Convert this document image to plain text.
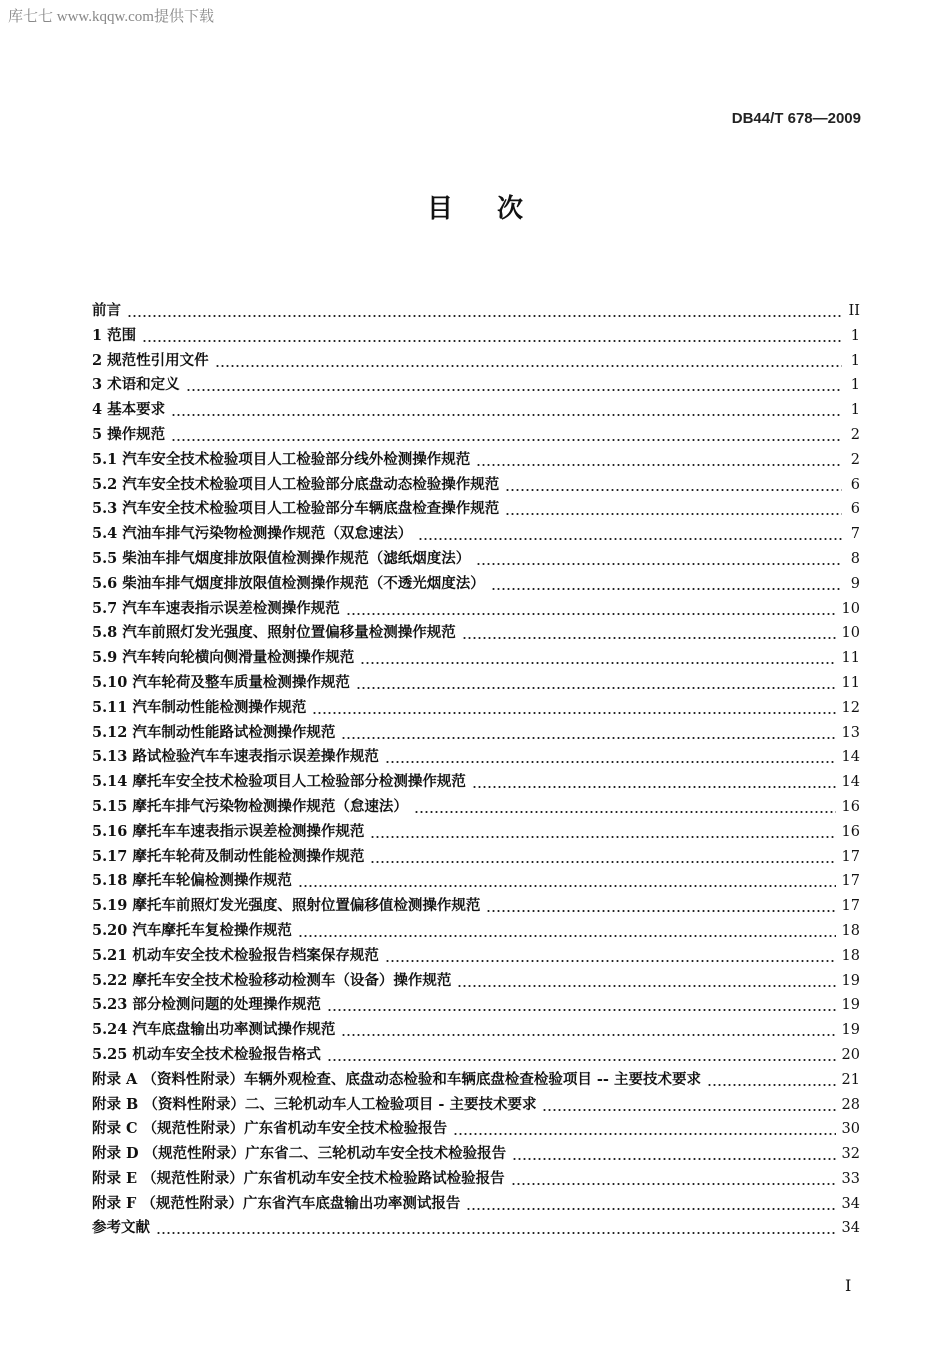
库七七 www.kqqw.com提供下载
DB44/T 678—2009
目次
前言	II
1 范围	1
2 规范性引用文件	1
3 术语和定义	1
4 基本要求	1
5 操作规范	2
5.1 汽车安全技术检验项目人工检验部分线外检测操作规范	2
5.2 汽车安全技术检验项目人工检验部分底盘动态检验操作规范	6
5.3 汽车安全技术检验项目人工检验部分车辆底盘检查操作规范	6
5.4 汽油车排气污染物检测操作规范（双怠速法）	7
5.5 柴油车排气烟度排放限值检测操作规范（滤纸烟度法）	8
5.6 柴油车排气烟度排放限值检测操作规范（不透光烟度法）	9
5.7 汽车车速表指示误差检测操作规范	10
5.8 汽车前照灯发光强度、照射位置偏移量检测操作规范	10
5.9 汽车转向轮横向侧滑量检测操作规范	11
5.10 汽车轮荷及整车质量检测操作规范	11
5.11 汽车制动性能检测操作规范	12
5.12 汽车制动性能路试检测操作规范	13
5.13 路试检验汽车车速表指示误差操作规范	14
5.14 摩托车安全技术检验项目人工检验部分检测操作规范	14
5.15 摩托车排气污染物检测操作规范（怠速法）	16
5.16 摩托车车速表指示误差检测操作规范	16
5.17 摩托车轮荷及制动性能检测操作规范	17
5.18 摩托车轮偏检测操作规范	17
5.19 摩托车前照灯发光强度、照射位置偏移值检测操作规范	17
5.20 汽车摩托车复检操作规范	18
5.21 机动车安全技术检验报告档案保存规范	18
5.22 摩托车安全技术检验移动检测车（设备）操作规范	19
5.23 部分检测问题的处理操作规范	19
5.24 汽车底盘输出功率测试操作规范	19
5.25 机动车安全技术检验报告格式	20
附录 A （资料性附录）车辆外观检查、底盘动态检验和车辆底盘检查检验项目 -- 主要技术要求	21
附录 B （资料性附录）二、三轮机动车人工检验项目 - 主要技术要求	28
附录 C （规范性附录）广东省机动车安全技术检验报告	30
附录 D （规范性附录）广东省二、三轮机动车安全技术检验报告	32
附录 E （规范性附录）广东省机动车安全技术检验路试检验报告	33
附录 F （规范性附录）广东省汽车底盘输出功率测试报告	34
参考文献	34
I
